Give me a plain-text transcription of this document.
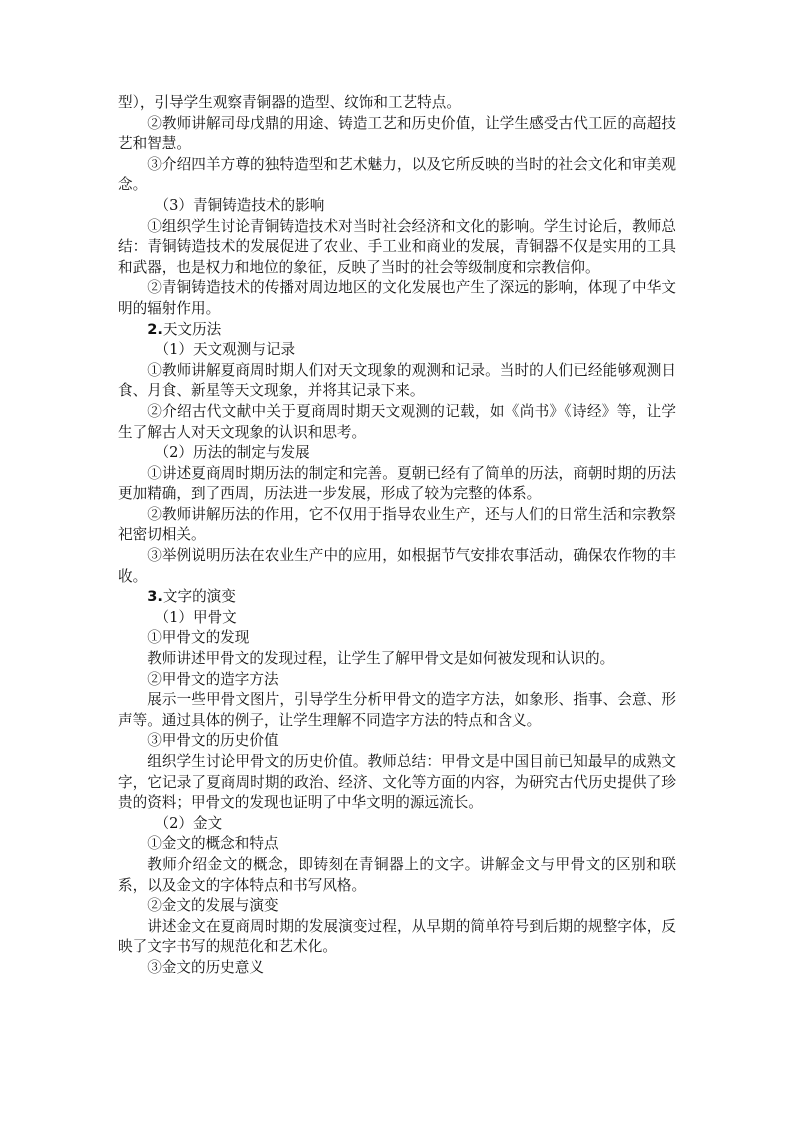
型），引导学生观察青铜器的造型、纹饰和工艺特点。

②教师讲解司母戊鼎的用途、铸造工艺和历史价值，让学生感受古代工匠的高超技艺和智慧。

③介绍四羊方尊的独特造型和艺术魅力，以及它所反映的当时的社会文化和审美观念。

（3）青铜铸造技术的影响

①组织学生讨论青铜铸造技术对当时社会经济和文化的影响。学生讨论后，教师总结：青铜铸造技术的发展促进了农业、手工业和商业的发展，青铜器不仅是实用的工具和武器，也是权力和地位的象征，反映了当时的社会等级制度和宗教信仰。

②青铜铸造技术的传播对周边地区的文化发展也产生了深远的影响，体现了中华文明的辐射作用。

2.天文历法

（1）天文观测与记录

①教师讲解夏商周时期人们对天文现象的观测和记录。当时的人们已经能够观测日食、月食、新星等天文现象，并将其记录下来。

②介绍古代文献中关于夏商周时期天文观测的记载，如《尚书》《诗经》等，让学生了解古人对天文现象的认识和思考。

（2）历法的制定与发展

①讲述夏商周时期历法的制定和完善。夏朝已经有了简单的历法，商朝时期的历法更加精确，到了西周，历法进一步发展，形成了较为完整的体系。

②教师讲解历法的作用，它不仅用于指导农业生产，还与人们的日常生活和宗教祭祀密切相关。

③举例说明历法在农业生产中的应用，如根据节气安排农事活动，确保农作物的丰收。

3.文字的演变

（1）甲骨文

①甲骨文的发现

教师讲述甲骨文的发现过程，让学生了解甲骨文是如何被发现和认识的。

②甲骨文的造字方法

展示一些甲骨文图片，引导学生分析甲骨文的造字方法，如象形、指事、会意、形声等。通过具体的例子，让学生理解不同造字方法的特点和含义。

③甲骨文的历史价值

组织学生讨论甲骨文的历史价值。教师总结：甲骨文是中国目前已知最早的成熟文字，它记录了夏商周时期的政治、经济、文化等方面的内容，为研究古代历史提供了珍贵的资料；甲骨文的发现也证明了中华文明的源远流长。

（2）金文

①金文的概念和特点

教师介绍金文的概念，即铸刻在青铜器上的文字。讲解金文与甲骨文的区别和联系，以及金文的字体特点和书写风格。

②金文的发展与演变

讲述金文在夏商周时期的发展演变过程，从早期的简单符号到后期的规整字体，反映了文字书写的规范化和艺术化。

③金文的历史意义
